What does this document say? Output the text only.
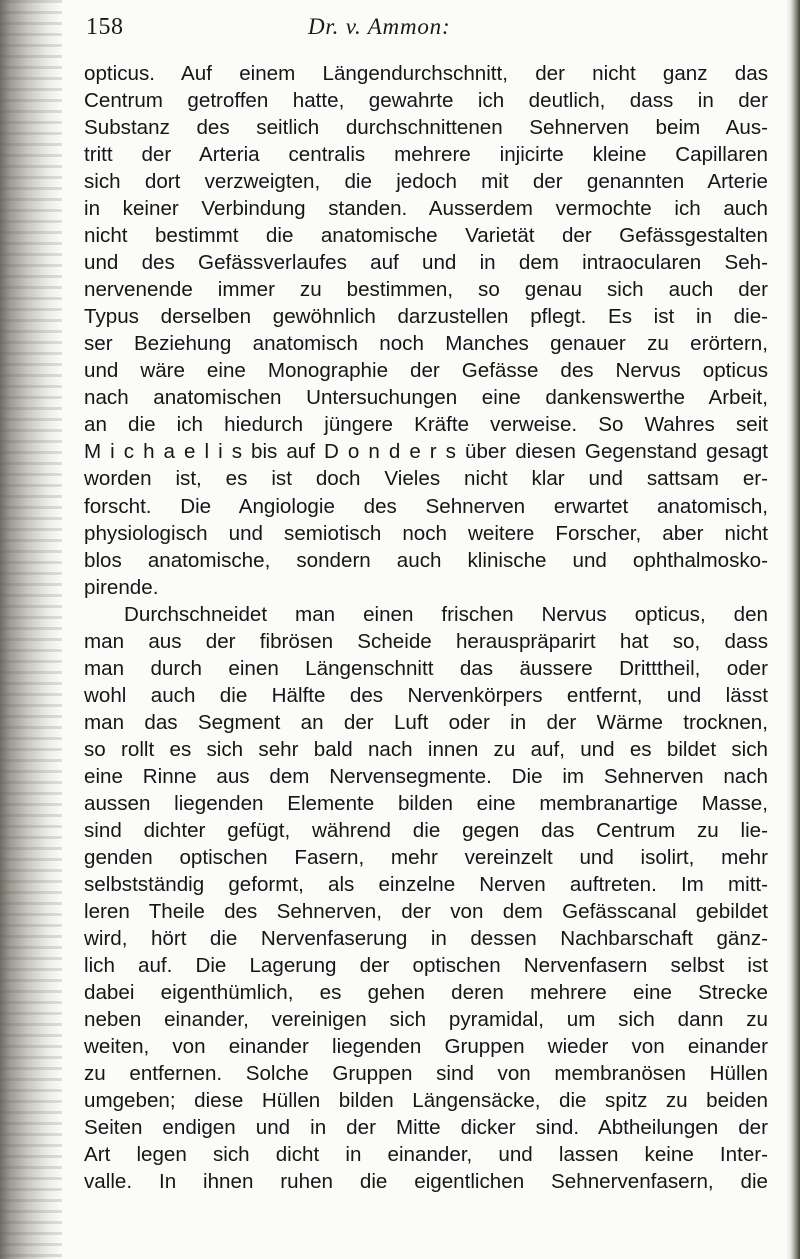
158	Dr. v. Ammon:
opticus. Auf einem Längendurchschnitt, der nicht ganz das
Centrum getroffen hatte, gewahrte ich deutlich, dass in der
Substanz des seitlich durchschnittenen Sehnerven beim Aus-
tritt der Arteria centralis mehrere injicirte kleine Capillaren
sich dort verzweigten, die jedoch mit der genannten Arterie
in keiner Verbindung standen. Ausserdem vermochte ich auch
nicht bestimmt die anatomische Varietät der Gefässgestalten
und des Gefässverlaufes auf und in dem intraocularen Seh-
nervenende immer zu bestimmen, so genau sich auch der
Typus derselben gewöhnlich darzustellen pflegt. Es ist in die-
ser Beziehung anatomisch noch Manches genauer zu erörtern,
und wäre eine Monographie der Gefässe des Nervus opticus
nach anatomischen Untersuchungen eine dankenswerthe Arbeit,
an die ich hiedurch jüngere Kräfte verweise. So Wahres seit
M i c h a e l i s bis auf D o n d e r s über diesen Gegenstand gesagt
worden ist, es ist doch Vieles nicht klar und sattsam er-
forscht. Die Angiologie des Sehnerven erwartet anatomisch,
physiologisch und semiotisch noch weitere Forscher, aber nicht
blos anatomische, sondern auch klinische und ophthalmosko-
pirende.
Durchschneidet man einen frischen Nervus opticus, den
man aus der fibrösen Scheide herauspräparirt hat so, dass
man durch einen Längenschnitt das äussere Dritttheil, oder
wohl auch die Hälfte des Nervenkörpers entfernt, und lässt
man das Segment an der Luft oder in der Wärme trocknen,
so rollt es sich sehr bald nach innen zu auf, und es bildet sich
eine Rinne aus dem Nervensegmente. Die im Sehnerven nach
aussen liegenden Elemente bilden eine membranartige Masse,
sind dichter gefügt, während die gegen das Centrum zu lie-
genden optischen Fasern, mehr vereinzelt und isolirt, mehr
selbstständig geformt, als einzelne Nerven auftreten. Im mitt-
leren Theile des Sehnerven, der von dem Gefässcanal gebildet
wird, hört die Nervenfaserung in dessen Nachbarschaft gänz-
lich auf. Die Lagerung der optischen Nervenfasern selbst ist
dabei eigenthümlich, es gehen deren mehrere eine Strecke
neben einander, vereinigen sich pyramidal, um sich dann zu
weiten, von einander liegenden Gruppen wieder von einander
zu entfernen. Solche Gruppen sind von membranösen Hüllen
umgeben; diese Hüllen bilden Längensäcke, die spitz zu beiden
Seiten endigen und in der Mitte dicker sind. Abtheilungen der
Art legen sich dicht in einander, und lassen keine Inter-
valle. In ihnen ruhen die eigentlichen Sehnervenfasern, die
